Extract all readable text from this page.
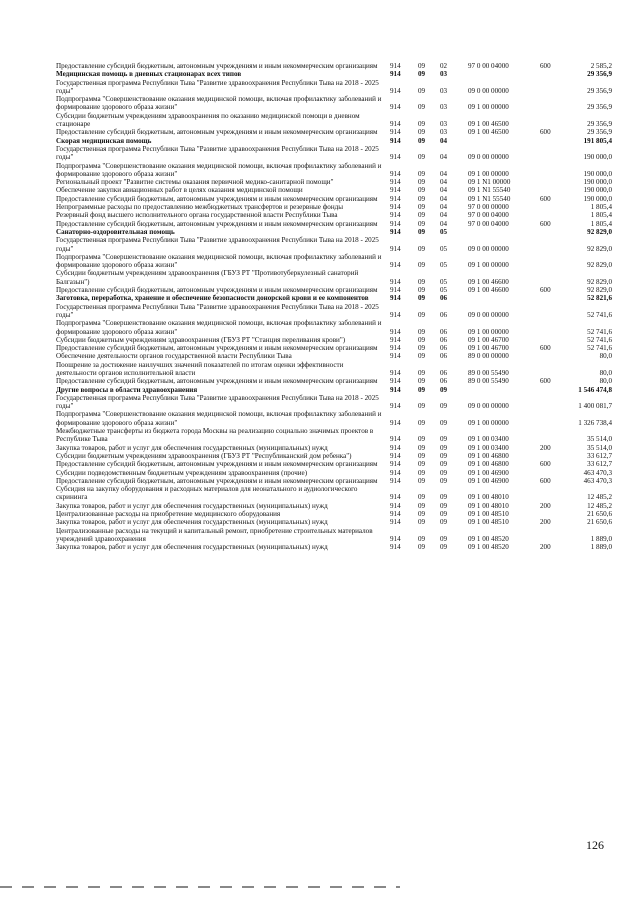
Предоставление субсидий бюджетным, автономным учреждениям и иным некоммерческим организациям	914	09	02	97 0 00 04000	600	2 585,2
Медицинская помощь в дневных стационарах всех типов	914	09	03			29 356,9
Государственная программа Республики Тыва "Развитие здравоохранения Республики Тыва на 2018 - 2025 годы"	914	09	03	09 0 00 00000		29 356,9
Подпрограмма "Совершенствование оказания медицинской помощи, включая профилактику заболеваний и формирование здорового образа жизни"	914	09	03	09 1 00 00000		29 356,9
Субсидии бюджетным учреждениям здравоохранения по оказанию медицинской помощи в дневном стационаре	914	09	03	09 1 00 46500		29 356,9
Предоставление субсидий бюджетным, автономным учреждениям и иным некоммерческим организациям	914	09	03	09 1 00 46500	600	29 356,9
Скорая медицинская помощь	914	09	04			191 805,4
Государственная программа Республики Тыва "Развитие здравоохранения Республики Тыва на 2018 - 2025 годы"	914	09	04	09 0 00 00000		190 000,0
Подпрограмма "Совершенствование оказания медицинской помощи, включая профилактику заболеваний и формирование здорового образа жизни"	914	09	04	09 1 00 00000		190 000,0
Региональный проект "Развитие системы оказания первичной медико-санитарной помощи"	914	09	04	09 1 N1 00000		190 000,0
Обеспечение закупки авиационных работ в целях оказания медицинской помощи	914	09	04	09 1 N1 55540		190 000,0
Предоставление субсидий бюджетным, автономным учреждениям и иным некоммерческим организациям	914	09	04	09 1 N1 55540	600	190 000,0
Непрограммные расходы по предоставлению межбюджетных трансфертов и резервные фонды	914	09	04	97 0 00 00000		1 805,4
Резервный фонд высшего исполнительного органа государственной власти Республики Тыва	914	09	04	97 0 00 04000		1 805,4
Предоставление субсидий бюджетным, автономным учреждениям и иным некоммерческим организациям	914	09	04	97 0 00 04000	600	1 805,4
Санаторно-оздоровительная помощь	914	09	05			92 829,0
Государственная программа Республики Тыва "Развитие здравоохранения Республики Тыва на 2018 - 2025 годы"	914	09	05	09 0 00 00000		92 829,0
Подпрограмма "Совершенствование оказания медицинской помощи, включая профилактику заболеваний и формирование здорового образа жизни"	914	09	05	09 1 00 00000		92 829,0
Субсидии бюджетным учреждениям здравоохранения (ГБУЗ РТ "Противотуберкулезный санаторий Балгазын")	914	09	05	09 1 00 46600		92 829,0
Предоставление субсидий бюджетным, автономным учреждениям и иным некоммерческим организациям	914	09	05	09 1 00 46600	600	92 829,0
Заготовка, переработка, хранение и обеспечение безопасности донорской крови и ее компонентов	914	09	06			52 821,6
Государственная программа Республики Тыва "Развитие здравоохранения Республики Тыва на 2018 - 2025 годы"	914	09	06	09 0 00 00000		52 741,6
Подпрограмма "Совершенствование оказания медицинской помощи, включая профилактику заболеваний и формирование здорового образа жизни"	914	09	06	09 1 00 00000		52 741,6
Субсидии бюджетным учреждениям здравоохранения (ГБУЗ РТ "Станция переливания крови")	914	09	06	09 1 00 46700		52 741,6
Предоставление субсидий бюджетным, автономным учреждениям и иным некоммерческим организациям	914	09	06	09 1 00 46700	600	52 741,6
Обеспечение деятельности органов государственной власти Республики Тыва	914	09	06	89 0 00 00000		80,0
Поощрение за достижение наилучших значений показателей по итогам оценки эффективности деятельности органов исполнительной власти	914	09	06	89 0 00 55490		80,0
Предоставление субсидий бюджетным, автономным учреждениям и иным некоммерческим организациям	914	09	06	89 0 00 55490	600	80,0
Другие вопросы в области здравоохранения	914	09	09			1 546 474,8
Государственная программа Республики Тыва "Развитие здравоохранения Республики Тыва на 2018 - 2025 годы"	914	09	09	09 0 00 00000		1 400 081,7
Подпрограмма "Совершенствование оказания медицинской помощи, включая профилактику заболеваний и формирование здорового образа жизни"	914	09	09	09 1 00 00000		1 326 738,4
Межбюджетные трансферты из бюджета города Москвы на реализацию социально значимых проектов в Республике Тыва	914	09	09	09 1 00 03400		35 514,0
Закупка товаров, работ и услуг для обеспечения государственных (муниципальных) нужд	914	09	09	09 1 00 03400	200	35 514,0
Субсидии бюджетным учреждениям здравоохранения (ГБУЗ РТ "Республиканский дом ребенка")	914	09	09	09 1 00 46800		33 612,7
Предоставление субсидий бюджетным, автономным учреждениям и иным некоммерческим организациям	914	09	09	09 1 00 46800	600	33 612,7
Субсидии подведомственным бюджетным учреждениям здравоохранения (прочие)	914	09	09	09 1 00 46900		463 470,3
Предоставление субсидий бюджетным, автономным учреждениям и иным некоммерческим организациям	914	09	09	09 1 00 46900	600	463 470,3
Субсидия на закупку оборудования и расходных материалов для неонатального и аудиологического скрининга	914	09	09	09 1 00 48010		12 485,2
Закупка товаров, работ и услуг для обеспечения государственных (муниципальных) нужд	914	09	09	09 1 00 48010	200	12 485,2
Централизованные расходы на приобретение медицинского оборудования	914	09	09	09 1 00 48510		21 650,6
Закупка товаров, работ и услуг для обеспечения государственных (муниципальных) нужд	914	09	09	09 1 00 48510	200	21 650,6
Централизованные расходы на текущий и капитальный ремонт, приобретение строительных материалов учреждений здравоохранения	914	09	09	09 1 00 48520		1 889,0
Закупка товаров, работ и услуг для обеспечения государственных (муниципальных) нужд	914	09	09	09 1 00 48520	200	1 889,0
126
